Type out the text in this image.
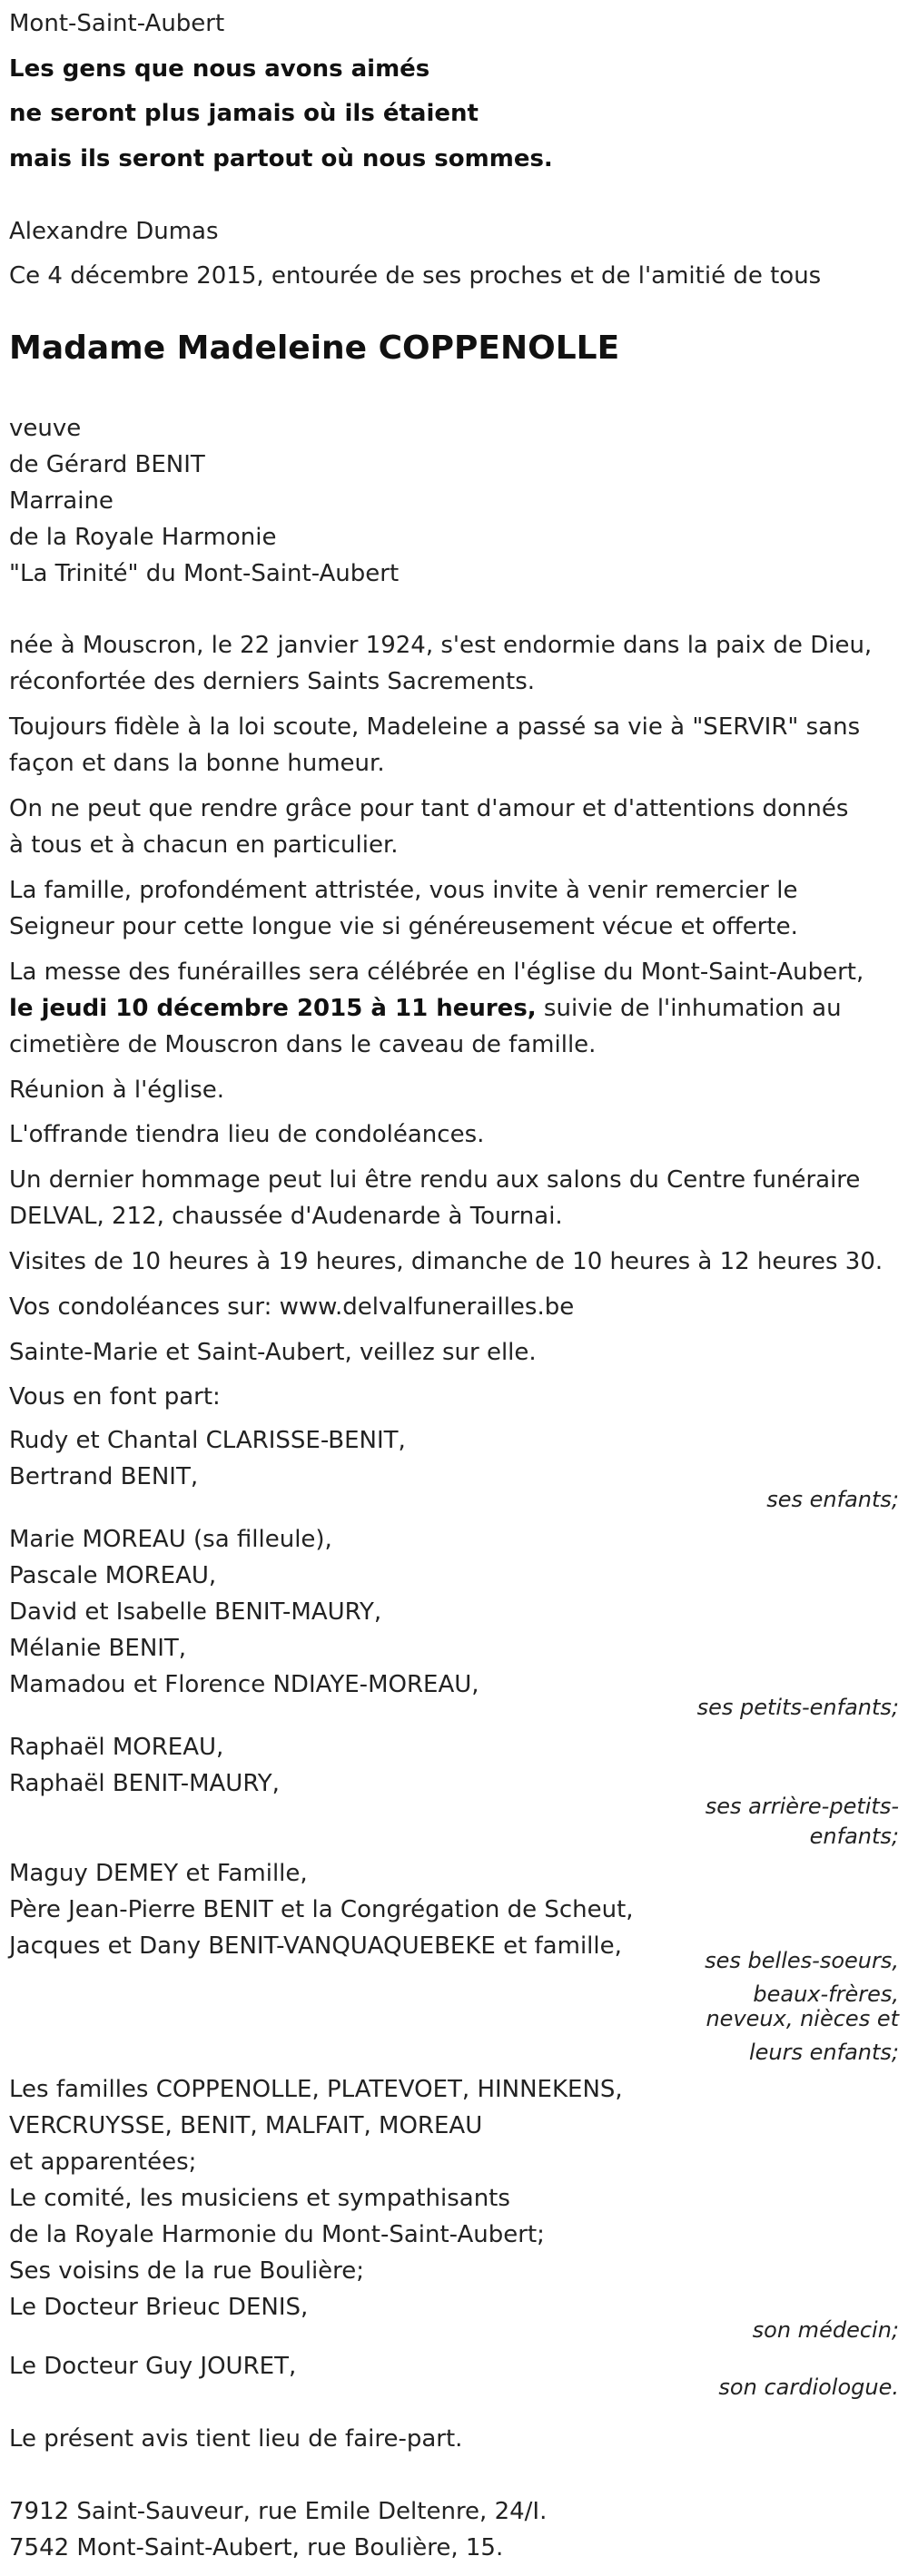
Mont-Saint-Aubert

Les gens que nous avons aimés

ne seront plus jamais où ils étaient

mais ils seront partout où nous sommes.

Alexandre Dumas

Ce 4 décembre 2015, entourée de ses proches et de l'amitié de tous

Madame Madeleine COPPENOLLE

veuve

de Gérard BENIT

Marraine

de la Royale Harmonie

"La Trinité" du Mont-Saint-Aubert

née à Mouscron, le 22 janvier 1924, s'est endormie dans la paix de Dieu,

réconfortée des derniers Saints Sacrements.

Toujours fidèle à la loi scoute, Madeleine a passé sa vie à "SERVIR" sans

façon et dans la bonne humeur.

On ne peut que rendre grâce pour tant d'amour et d'attentions donnés

à tous et à chacun en particulier.

La famille, profondément attristée, vous invite à venir remercier le

Seigneur pour cette longue vie si généreusement vécue et offerte.

La messe des funérailles sera célébrée en l'église du Mont-Saint-Aubert,

le jeudi 10 décembre 2015 à 11 heures, suivie de l'inhumation au

cimetière de Mouscron dans le caveau de famille.

Réunion à l'église.

L'offrande tiendra lieu de condoléances.

Un dernier hommage peut lui être rendu aux salons du Centre funéraire

DELVAL, 212, chaussée d'Audenarde à Tournai.

Visites de 10 heures à 19 heures, dimanche de 10 heures à 12 heures 30.

Vos condoléances sur: www.delvalfunerailles.be

Sainte-Marie et Saint-Aubert, veillez sur elle.

Vous en font part:

Rudy et Chantal CLARISSE-BENIT,

Bertrand BENIT,

ses enfants;

Marie MOREAU (sa filleule),

Pascale MOREAU,

David et Isabelle BENIT-MAURY,

Mélanie BENIT,

Mamadou et Florence NDIAYE-MOREAU,

ses petits-enfants;

Raphaël MOREAU,

Raphaël BENIT-MAURY,

ses arrière-petits-

enfants;

Maguy DEMEY et Famille,

Père Jean-Pierre BENIT et la Congrégation de Scheut,

Jacques et Dany BENIT-VANQUAQUEBEKE et famille,

ses belles-soeurs,

beaux-frères,

neveux, nièces et

leurs enfants;

Les familles COPPENOLLE, PLATEVOET, HINNEKENS,

VERCRUYSSE, BENIT, MALFAIT, MOREAU

et apparentées;

Le comité, les musiciens et sympathisants

de la Royale Harmonie du Mont-Saint-Aubert;

Ses voisins de la rue Boulière;

Le Docteur Brieuc DENIS,

son médecin;

Le Docteur Guy JOURET,

son cardiologue.

Le présent avis tient lieu de faire-part.

7912 Saint-Sauveur, rue Emile Deltenre, 24/I.

7542 Mont-Saint-Aubert, rue Boulière, 15.
